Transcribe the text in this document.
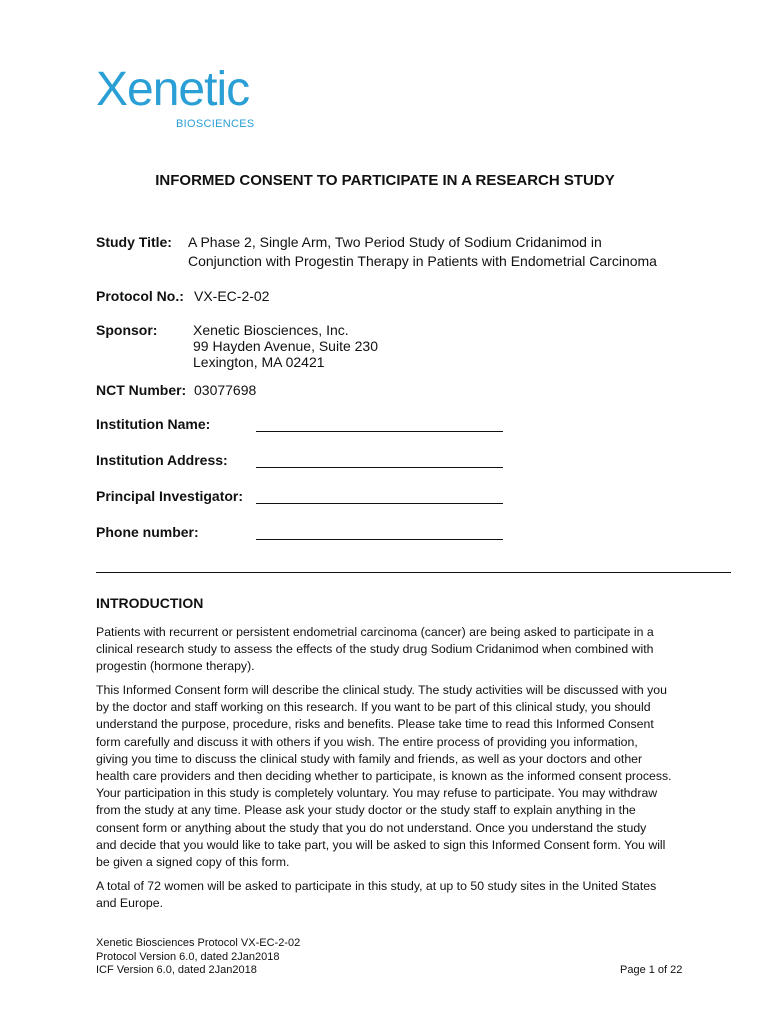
Xenetic
BIOSCIENCES
INFORMED CONSENT TO PARTICIPATE IN A RESEARCH STUDY
Study Title: A Phase 2, Single Arm, Two Period Study of Sodium Cridanimod in
Conjunction with Progestin Therapy in Patients with Endometrial Carcinoma
Protocol No.: VX-EC-2-02
Sponsor:	Xenetic Biosciences, Inc.
99 Hayden Avenue, Suite 230
Lexington, MA 02421
NCT Number: 03077698
Institution Name:
Institution Address:
Principal Investigator:
Phone number:
INTRODUCTION
Patients with recurrent or persistent endometrial carcinoma (cancer) are being asked to participate in a
clinical research study to assess the effects of the study drug Sodium Cridanimod when combined with
progestin (hormone therapy).
This Informed Consent form will describe the clinical study. The study activities will be discussed with you
by the doctor and staff working on this research. If you want to be part of this clinical study, you should
understand the purpose, procedure, risks and benefits. Please take time to read this Informed Consent
form carefully and discuss it with others if you wish. The entire process of providing you information,
giving you time to discuss the clinical study with family and friends, as well as your doctors and other
health care providers and then deciding whether to participate, is known as the informed consent process.
Your participation in this study is completely voluntary. You may refuse to participate. You may withdraw
from the study at any time. Please ask your study doctor or the study staff to explain anything in the
consent form or anything about the study that you do not understand. Once you understand the study
and decide that you would like to take part, you will be asked to sign this Informed Consent form. You will
be given a signed copy of this form.
A total of 72 women will be asked to participate in this study, at up to 50 study sites in the United States
and Europe.
Xenetic Biosciences Protocol VX-EC-2-02
Protocol Version 6.0, dated 2Jan2018
ICF Version 6.0, dated 2Jan2018	Page 1 of 22
